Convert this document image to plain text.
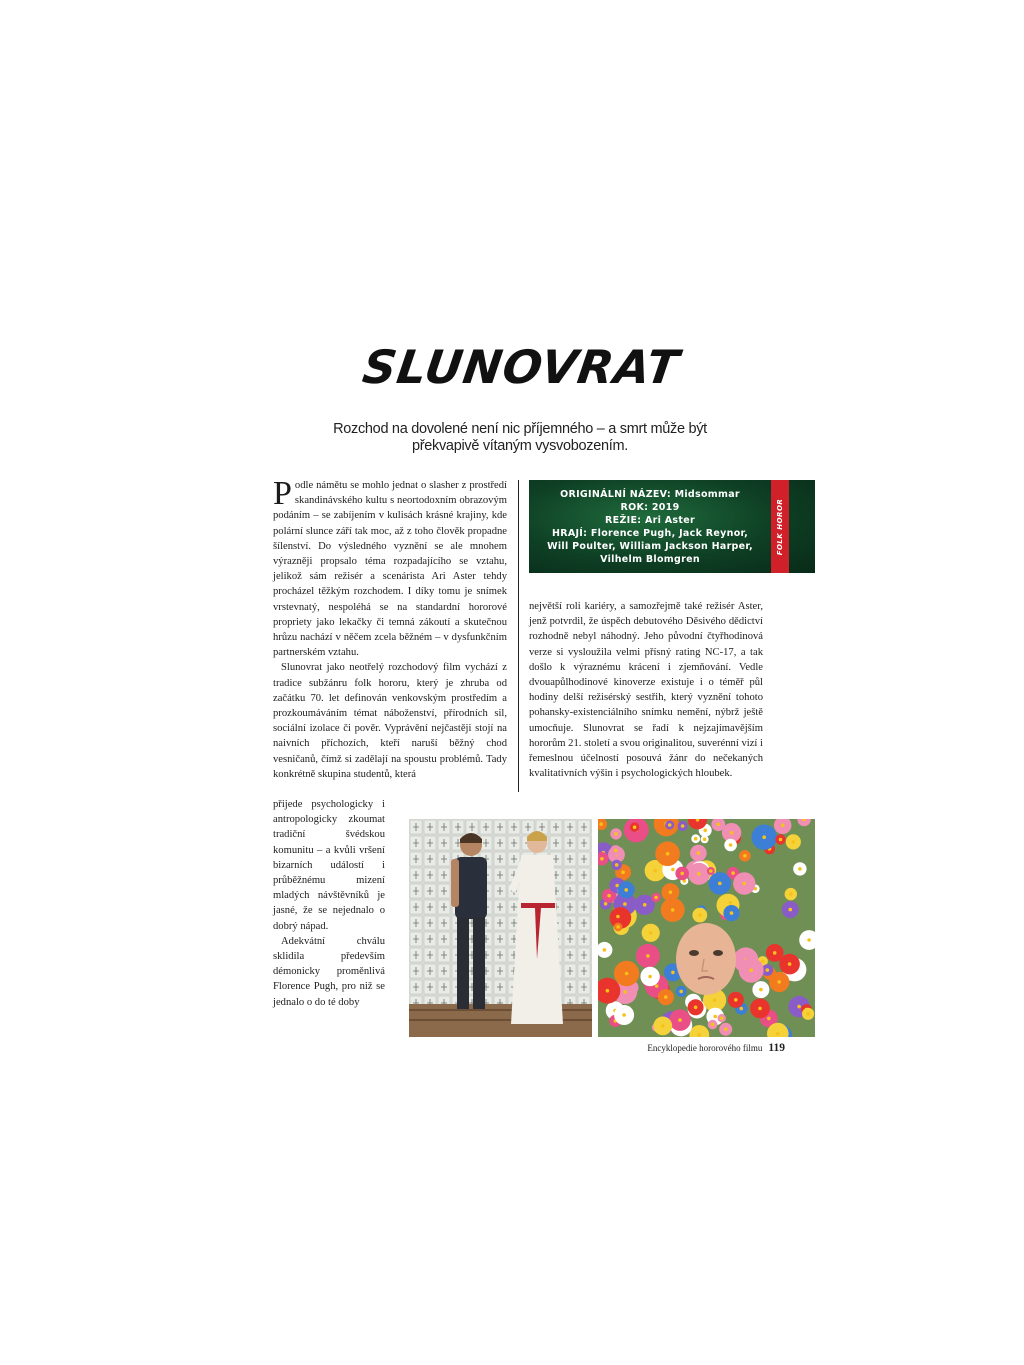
SLUNOVRAT
Rozchod na dovolené není nic příjemného – a smrt může být překvapivě vítaným vysvobozením.

Podle námětu se mohlo jednat o slasher z prostředí skandinávského kultu s neortodoxním obrazovým podáním – se zabíjením v kulisách krásné krajiny, kde polární slunce září tak moc, až z toho člověk propadne šílenství. Do výsledného vyznění se ale mnohem výrazněji propsalo téma rozpadajícího se vztahu, jelikož sám režisér a scenárista Ari Aster tehdy procházel těžkým rozchodem. I díky tomu je snímek vrstevnatý, nespoléhá se na standardní hororové propriety jako lekačky či temná zákoutí a skutečnou hrůzu nachází v něčem zcela běžném – v dysfunkčním partnerském vztahu.

Slunovrat jako neotřelý rozchodový film vychází z tradice subžánru folk hororu, který je zhruba od začátku 70. let definován venkovským prostředím a prozkoumáváním témat náboženství, přírodních sil, sociální izolace či pověr. Vyprávění nejčastěji stojí na naivních příchozích, kteří naruší běžný chod vesničanů, čímž si zadělají na spoustu problémů. Tady konkrétně skupina studentů, která

přijede psychologicky i antropologicky zkoumat tradiční švédskou komunitu – a kvůli vršení bizarních událostí i průběžnému mizení mladých návštěvníků je jasné, že se nejednalo o dobrý nápad.

Adekvátní chválu sklidila především démonicky proměnlivá Florence Pugh, pro niž se jednalo o do té doby

ORIGINÁLNÍ NÁZEV: Midsommar
ROK: 2019
REŽIE: Ari Aster
HRAJÍ: Florence Pugh, Jack Reynor,
Will Poulter, William Jackson Harper,
Vilhelm Blomgren
FOLK HOROR

největší roli kariéry, a samozřejmě také režisér Aster, jenž potvrdil, že úspěch debutového Děsivého dědictví rozhodně nebyl náhodný. Jeho původní čtyřhodinová verze si vysloužila velmi přísný rating NC-17, a tak došlo k výraznému krácení i zjemňování. Vedle dvouapůlhodinové kinoverze existuje i o téměř půl hodiny delší režisérský sestřih, který vyznění tohoto pohansky-existenciálního snímku nemění, nýbrž ještě umocňuje. Slunovrat se řadí k nejzajímavějším hororům 21. století a svou originalitou, suverénní vizí i řemeslnou účelností posouvá žánr do nečekaných kvalitativních výšin i psychologických hloubek.

Encyklopedie hororového filmu 119
